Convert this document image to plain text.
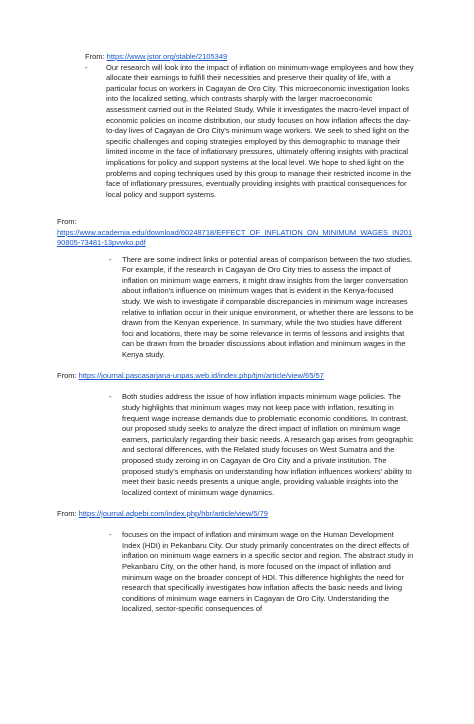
From: https://www.jstor.org/stable/2105349
-	Our research will look into the impact of inflation on minimum-wage employees and how they allocate their earnings to fulfill their necessities and preserve their quality of life, with a particular focus on workers in Cagayan de Oro City. This microeconomic investigation looks into the localized setting, which contrasts sharply with the larger macroeconomic assessment carried out in the Related Study. While it investigates the macro-level impact of economic policies on income distribution, our study focuses on how inflation affects the day-to-day lives of Cagayan de Oro City's minimum wage workers. We seek to shed light on the specific challenges and coping strategies employed by this demographic to manage their limited income in the face of inflationary pressures, ultimately offering insights with practical implications for policy and support systems at the local level. We hope to shed light on the problems and coping techniques used by this group to manage their restricted income in the face of inflationary pressures, eventually providing insights with practical consequences for local policy and support systems.
From:
https://www.academia.edu/download/60248718/EFFECT_OF_INFLATION_ON_MINIMUM_WAGES_IN20190805-73481-13pvwko.pdf
-	There are some indirect links or potential areas of comparison between the two studies. For example, if the research in Cagayan de Oro City tries to assess the impact of inflation on minimum wage earners, it might draw insights from the larger conversation about inflation's influence on minimum wages that is evident in the Kenya-focused study. We wish to investigate if comparable discrepancies in minimum wage increases relative to inflation occur in their unique environment, or whether there are lessons to be drawn from the Kenyan experience. In summary, while the two studies have different foci and locations, there may be some relevance in terms of lessons and insights that can be drawn from the broader discussions about inflation and minimum wages in the Kenya study.
From: https://journal.pascasarjana-unpas.web.id/index.php/tjm/article/view/65/57
-	Both studies address the issue of how inflation impacts minimum wage policies. The study highlights that minimum wages may not keep pace with inflation, resulting in frequent wage increase demands due to problematic economic conditions. In contrast, our proposed study seeks to analyze the direct impact of inflation on minimum wage earners, particularly regarding their basic needs. A research gap arises from geographic and sectoral differences, with the Related study focuses on West Sumatra and the proposed study zeroing in on Cagayan de Oro City and a private institution. The proposed study's emphasis on understanding how inflation influences workers' ability to meet their basic needs presents a unique angle, providing valuable insights into the localized context of minimum wage dynamics.
From: https://journal.adpebi.com/index.php/hbr/article/view/5/79
-	focuses on the impact of inflation and minimum wage on the Human Development Index (HDI) in Pekanbaru City. Our study primarily concentrates on the direct effects of inflation on minimum wage earners in a specific sector and region. The abstract study in Pekanbaru City, on the other hand, is more focused on the impact of inflation and minimum wage on the broader concept of HDI. This difference highlights the need for research that specifically investigates how inflation affects the basic needs and living conditions of minimum wage earners in Cagayan de Oro City. Understanding the localized, sector-specific consequences of
